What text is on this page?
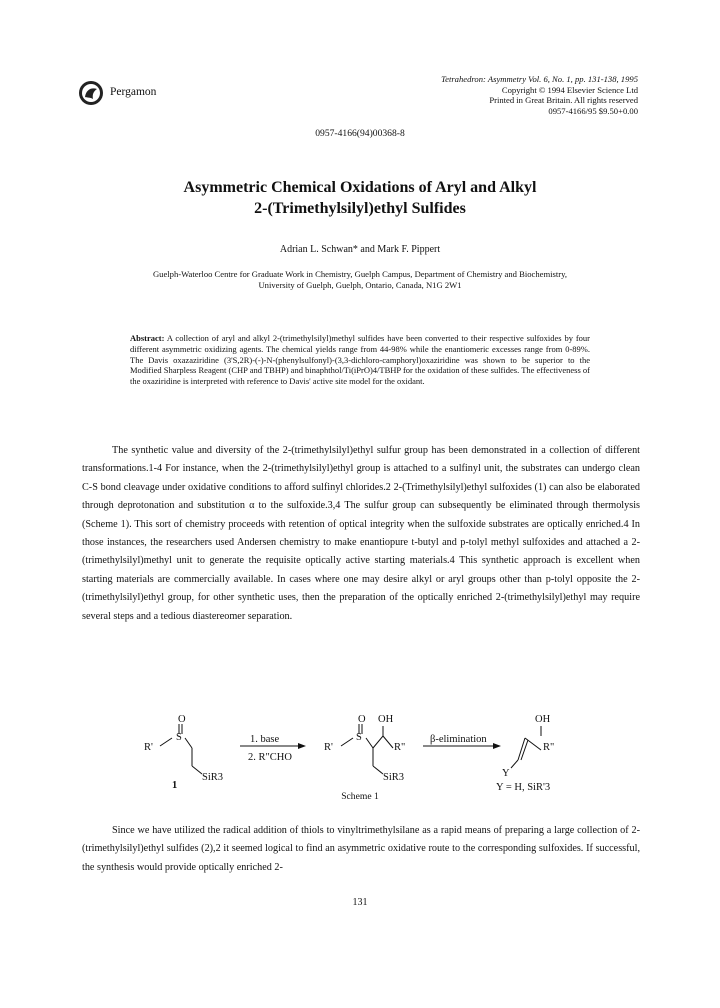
Pergamon
Tetrahedron: Asymmetry Vol. 6, No. 1, pp. 131-138, 1995
Copyright © 1994 Elsevier Science Ltd
Printed in Great Britain. All rights reserved
0957-4166/95 $9.50+0.00
0957-4166(94)00368-8
Asymmetric Chemical Oxidations of Aryl and Alkyl
2-(Trimethylsilyl)ethyl Sulfides
Adrian L. Schwan* and Mark F. Pippert
Guelph-Waterloo Centre for Graduate Work in Chemistry, Guelph Campus, Department of Chemistry and Biochemistry,
University of Guelph, Guelph, Ontario, Canada, N1G 2W1
Abstract: A collection of aryl and alkyl 2-(trimethylsilyl)methyl sulfides have been converted to their respective sulfoxides by four different asymmetric oxidizing agents. The chemical yields range from 44-98% while the enantiomeric excesses range from 0-89%. The Davis oxazaziridine (3'S,2R)-(-)-N-(phenylsulfonyl)-(3,3-dichloro-camphoryl)oxaziridine was shown to be superior to the Modified Sharpless Reagent (CHP and TBHP) and binaphthol/Ti(iPrO)4/TBHP for the oxidation of these sulfides. The effectiveness of the oxaziridine is interpreted with reference to Davis' active site model for the oxidant.
The synthetic value and diversity of the 2-(trimethylsilyl)ethyl sulfur group has been demonstrated in a collection of different transformations.1-4 For instance, when the 2-(trimethylsilyl)ethyl group is attached to a sulfinyl unit, the substrates can undergo clean C-S bond cleavage under oxidative conditions to afford sulfinyl chlorides.2 2-(Trimethylsilyl)ethyl sulfoxides (1) can also be elaborated through deprotonation and substitution α to the sulfoxide.3,4 The sulfur group can subsequently be eliminated through thermolysis (Scheme 1). This sort of chemistry proceeds with retention of optical integrity when the sulfoxide substrates are optically enriched.4 In those instances, the researchers used Andersen chemistry to make enantiopure t-butyl and p-tolyl methyl sulfoxides and attached a 2-(trimethylsilyl)methyl unit to generate the requisite optically active starting materials.4 This synthetic approach is excellent when starting materials are commercially available. In cases where one may desire alkyl or aryl groups other than p-tolyl opposite the 2-(trimethylsilyl)ethyl group, for other synthetic uses, then the preparation of the optically enriched 2-(trimethylsilyl)ethyl may require several steps and a tedious diastereomer separation.
O
S
R'
SiR3
1
1. base
2. R"CHO
O
S
R'
OH
R"
SiR3
β-elimination
OH
R"
Y
Y = H, SiR'3
Scheme 1
Since we have utilized the radical addition of thiols to vinyltrimethylsilane as a rapid means of preparing a large collection of 2-(trimethylsilyl)ethyl sulfides (2),2 it seemed logical to find an asymmetric oxidative route to the corresponding sulfoxides. If successful, the synthesis would provide optically enriched 2-
131
